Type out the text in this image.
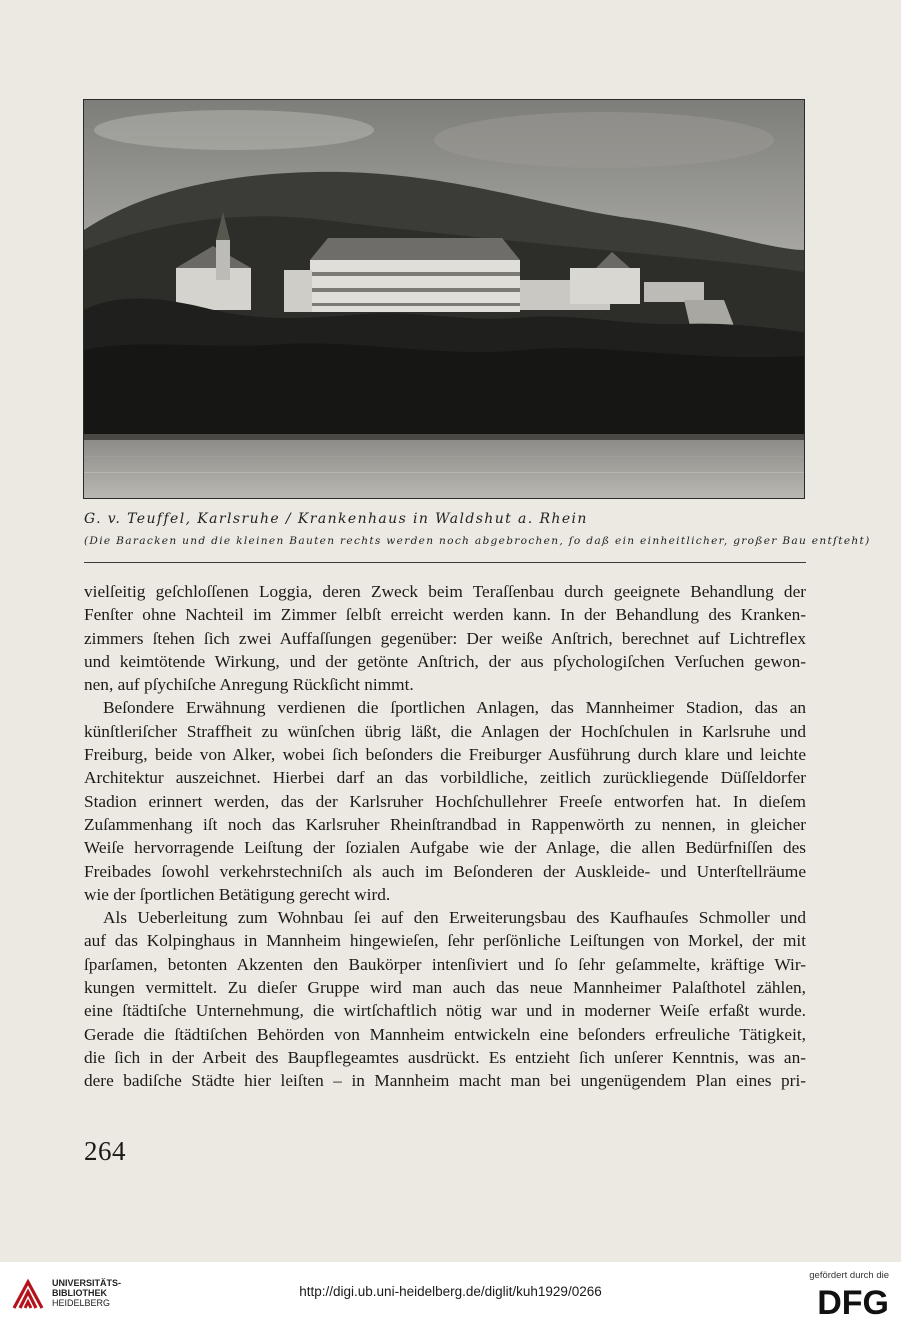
G. v. Teuffel, Karlsruhe / Krankenhaus in Waldshut a. Rhein
(Die Baracken und die kleinen Bauten rechts werden noch abgebrochen, ſo daß ein einheitlicher, großer Bau entſteht)
vielſeitig geſchloſſenen Loggia, deren Zweck beim Teraſſenbau durch geeignete Behandlung der
Fenſter ohne Nachteil im Zimmer ſelbſt erreicht werden kann. In der Behandlung des Kranken-
zimmers ſtehen ſich zwei Auffaſſungen gegenüber: Der weiße Anſtrich, berechnet auf Lichtreflex
und keimtötende Wirkung, und der getönte Anſtrich, der aus pſychologiſchen Verſuchen gewon-
nen, auf pſychiſche Anregung Rückſicht nimmt.
Beſondere Erwähnung verdienen die ſportlichen Anlagen, das Mannheimer Stadion, das an
künſtleriſcher Straffheit zu wünſchen übrig läßt, die Anlagen der Hochſchulen in Karlsruhe und
Freiburg, beide von Alker, wobei ſich beſonders die Freiburger Ausführung durch klare und leichte
Architektur auszeichnet. Hierbei darf an das vorbildliche, zeitlich zurückliegende Düſſeldorfer
Stadion erinnert werden, das der Karlsruher Hochſchullehrer Freeſe entworfen hat. In dieſem
Zuſammenhang iſt noch das Karlsruher Rheinſtrandbad in Rappenwörth zu nennen, in gleicher
Weiſe hervorragende Leiſtung der ſozialen Aufgabe wie der Anlage, die allen Bedürfniſſen des
Freibades ſowohl verkehrstechniſch als auch im Beſonderen der Auskleide- und Unterſtellräume
wie der ſportlichen Betätigung gerecht wird.
Als Ueberleitung zum Wohnbau ſei auf den Erweiterungsbau des Kaufhauſes Schmoller und
auf das Kolpinghaus in Mannheim hingewieſen, ſehr perſönliche Leiſtungen von Morkel, der mit
ſparſamen, betonten Akzenten den Baukörper intenſiviert und ſo ſehr geſammelte, kräftige Wir-
kungen vermittelt. Zu dieſer Gruppe wird man auch das neue Mannheimer Palaſthotel zählen,
eine ſtädtiſche Unternehmung, die wirtſchaftlich nötig war und in moderner Weiſe erfaßt wurde.
Gerade die ſtädtiſchen Behörden von Mannheim entwickeln eine beſonders erfreuliche Tätigkeit,
die ſich in der Arbeit des Baupflegeamtes ausdrückt. Es entzieht ſich unſerer Kenntnis, was an-
dere badiſche Städte hier leiſten – in Mannheim macht man bei ungenügendem Plan eines pri-
264
UNIVERSITÄTS-
BIBLIOTHEK
HEIDELBERG
http://digi.ub.uni-heidelberg.de/diglit/kuh1929/0266
gefördert durch die
DFG
